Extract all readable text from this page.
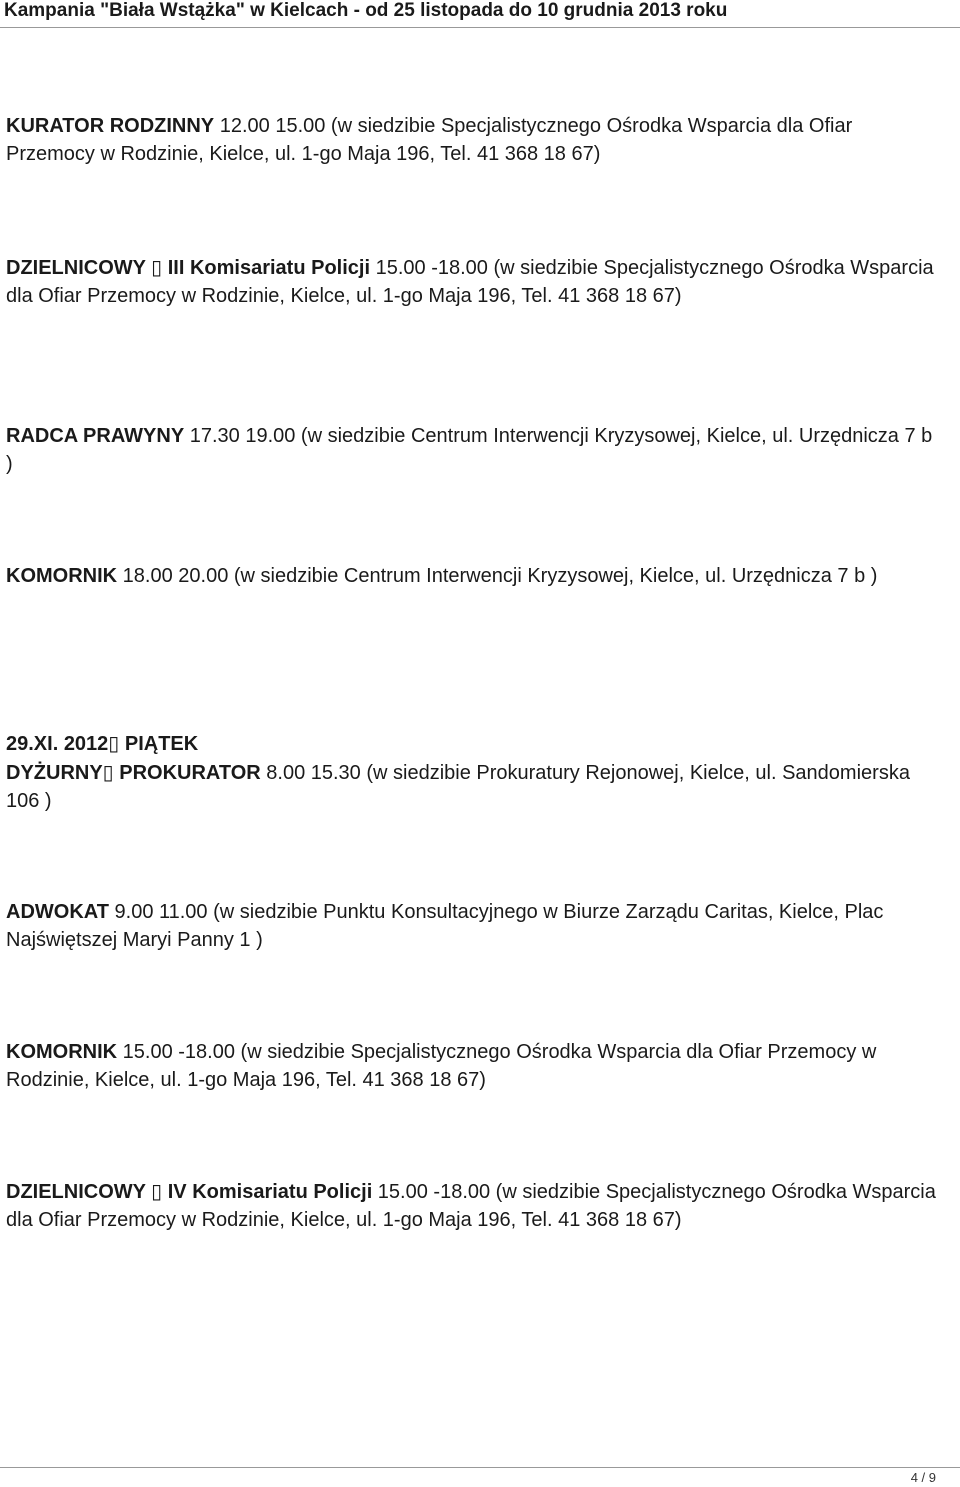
Kampania "Biała Wstążka" w Kielcach - od 25 listopada do 10 grudnia 2013 roku
KURATOR RODZINNY 12.00 15.00 (w siedzibie Specjalistycznego Ośrodka Wsparcia dla Ofiar Przemocy w Rodzinie, Kielce, ul. 1-go Maja 196, Tel. 41 368 18 67)
DZIELNICOWY ▯ III Komisariatu Policji 15.00 -18.00 (w siedzibie Specjalistycznego Ośrodka Wsparcia dla Ofiar Przemocy w Rodzinie, Kielce, ul. 1-go Maja 196, Tel. 41 368 18 67)
RADCA PRAWYNY 17.30 19.00 (w siedzibie Centrum Interwencji Kryzysowej, Kielce, ul. Urzędnicza 7 b )
KOMORNIK 18.00 20.00 (w siedzibie Centrum Interwencji Kryzysowej, Kielce, ul. Urzędnicza 7 b )
29.XI. 2012▯ PIĄTEK
DYŻURNY▯ PROKURATOR 8.00 15.30 (w siedzibie Prokuratury Rejonowej, Kielce, ul. Sandomierska 106 )
ADWOKAT 9.00 11.00 (w siedzibie Punktu Konsultacyjnego w Biurze Zarządu Caritas, Kielce, Plac Najświętszej Maryi Panny 1 )
KOMORNIK 15.00 -18.00 (w siedzibie Specjalistycznego Ośrodka Wsparcia dla Ofiar Przemocy w Rodzinie, Kielce, ul. 1-go Maja 196, Tel. 41 368 18 67)
DZIELNICOWY ▯ IV Komisariatu Policji 15.00 -18.00 (w siedzibie Specjalistycznego Ośrodka Wsparcia dla Ofiar Przemocy w Rodzinie, Kielce, ul. 1-go Maja 196, Tel. 41 368 18 67)
4 / 9
